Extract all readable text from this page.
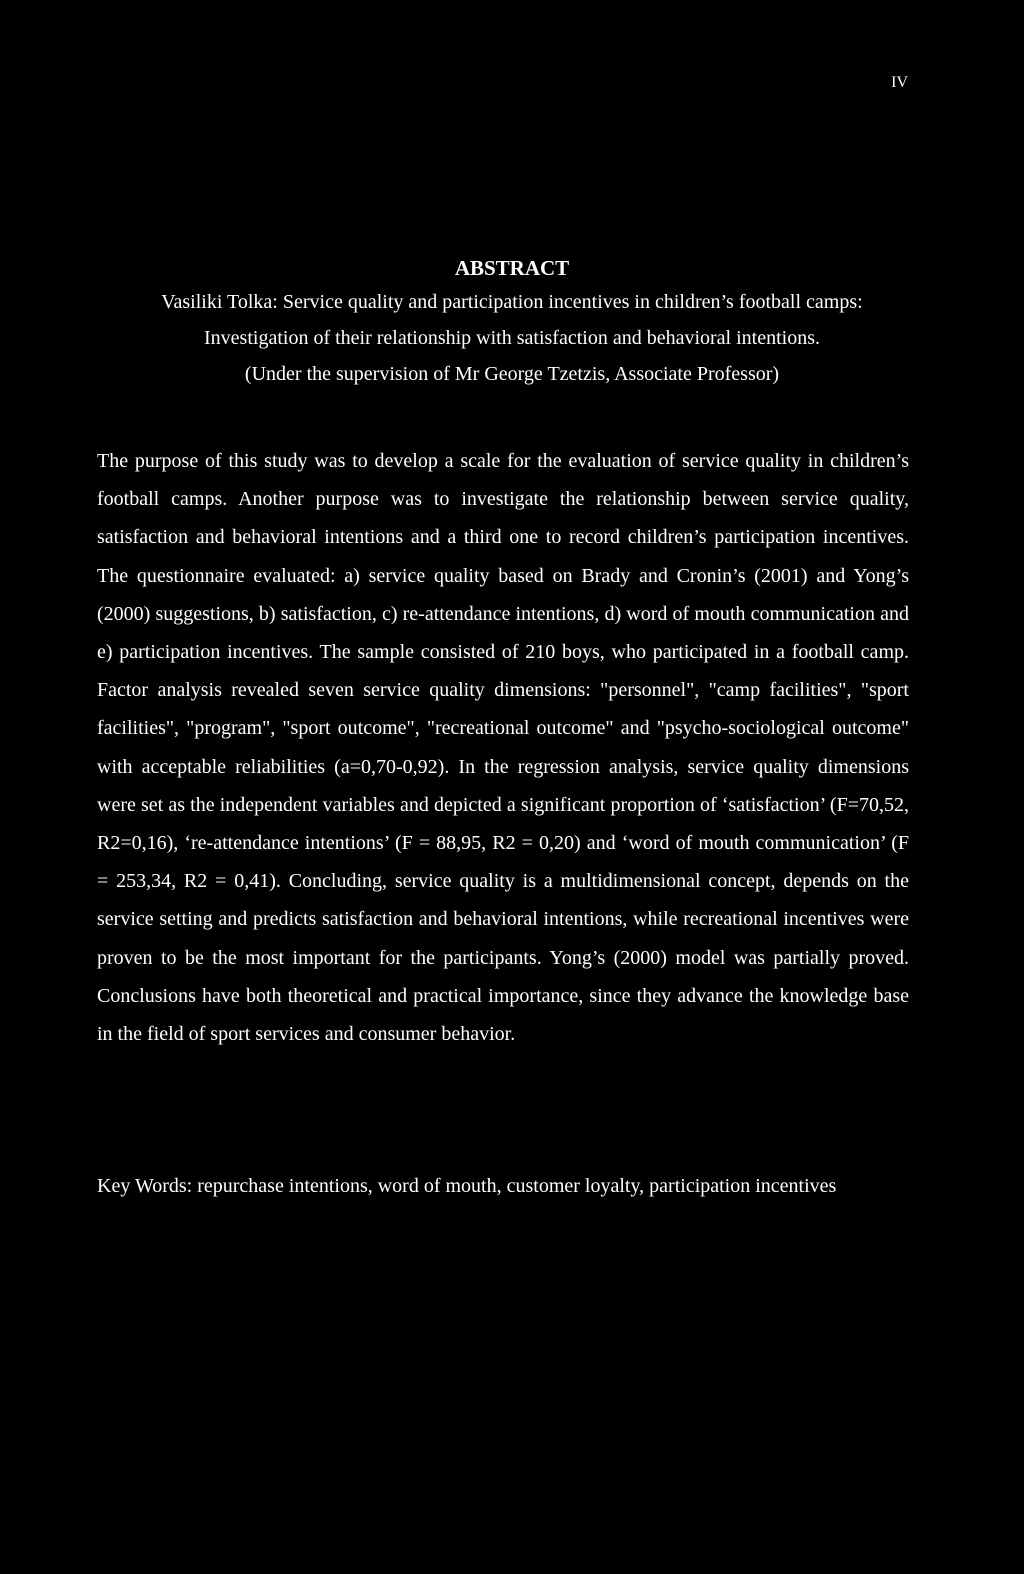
IV

ABSTRACT

Vasiliki Tolka: Service quality and participation incentives in children’s football camps:

Investigation of their relationship with satisfaction and behavioral intentions.

(Under the supervision of Mr George Tzetzis, Associate Professor)

The purpose of this study was to develop a scale for the evaluation of service quality in children’s football camps. Another purpose was to investigate the relationship between service quality, satisfaction and behavioral intentions and a third one to record children’s participation incentives. The questionnaire evaluated: a) service quality based on Brady and Cronin’s (2001) and Yong’s (2000) suggestions, b) satisfaction, c) re-attendance intentions, d) word of mouth communication and e) participation incentives. The sample consisted of 210 boys, who participated in a football camp. Factor analysis revealed seven service quality dimensions: "personnel", "camp facilities", "sport facilities", "program", "sport outcome", "recreational outcome" and "psycho-sociological outcome" with acceptable reliabilities (a=0,70-0,92). In the regression analysis, service quality dimensions were set as the independent variables and depicted a significant proportion of ‘satisfaction’ (F=70,52, R2=0,16), ‘re-attendance intentions’ (F = 88,95, R2 = 0,20) and ‘word of mouth communication’ (F = 253,34, R2 = 0,41). Concluding, service quality is a multidimensional concept, depends on the service setting and predicts satisfaction and behavioral intentions, while recreational incentives were proven to be the most important for the participants. Yong’s (2000) model was partially proved. Conclusions have both theoretical and practical importance, since they advance the knowledge base in the field of sport services and consumer behavior.

Key Words: repurchase intentions, word of mouth, customer loyalty, participation incentives
